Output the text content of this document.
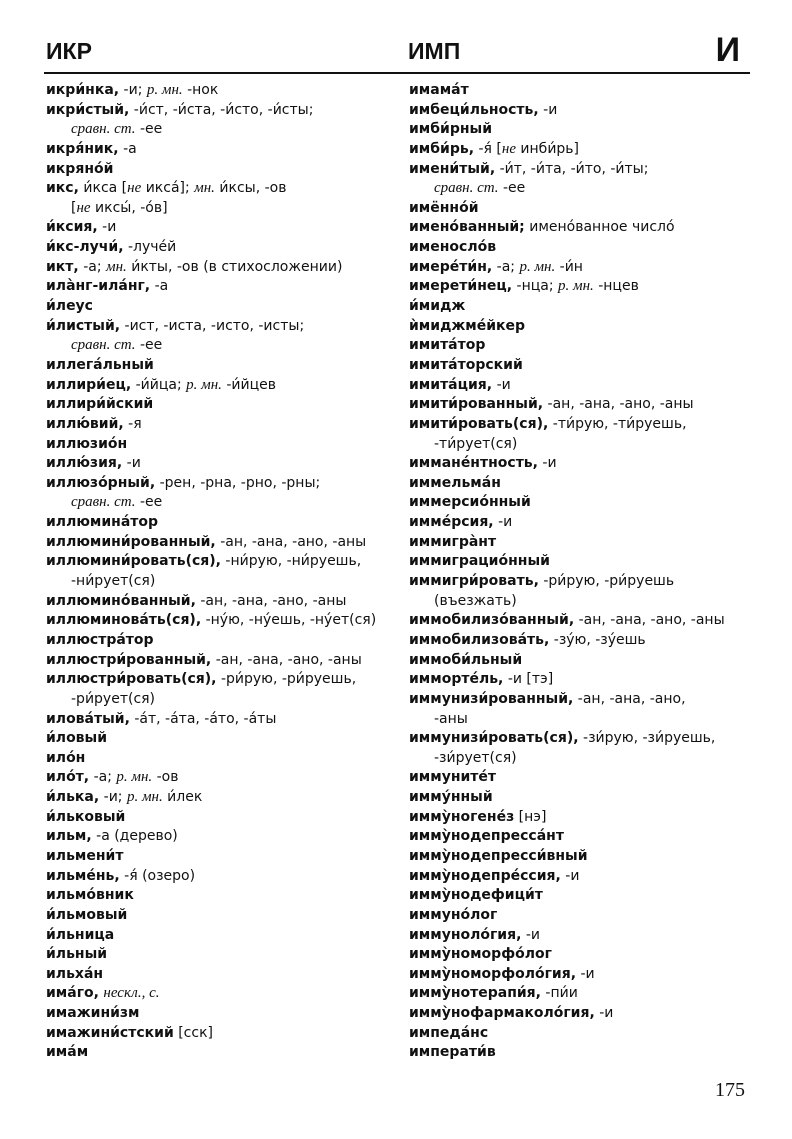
ИКР	ИМП	И
икри́нка, -и; р. мн. -нок
икри́стый, -и́ст, -и́ста, -и́сто, -и́сты;
сравн. ст. -ее
икря́ник, -а
икряно́й
икс, и́кса [не икса́]; мн. и́ксы, -ов
[не иксы́, -о́в]
и́ксия, -и
и́кс-лучи́, -луче́й
икт, -а; мн. и́кты, -ов (в стихосложении)
ила̀нг-ила́нг, -а
и́леус
и́листый, -ист, -иста, -исто, -исты;
сравн. ст. -ее
иллега́льный
иллири́ец, -и́йца; р. мн. -и́йцев
иллири́йский
иллю́вий, -я
иллюзио́н
иллю́зия, -и
иллюзо́рный, -рен, -рна, -рно, -рны;
сравн. ст. -ее
иллюмина́тор
иллюмини́рованный, -ан, -ана, -ано, -аны
иллюмини́ровать(ся), -ни́рую, -ни́руешь,
-ни́рует(ся)
иллюмино́ванный, -ан, -ана, -ано, -аны
иллюминова́ть(ся), -ну́ю, -ну́ешь, -ну́ет(ся)
иллюстра́тор
иллюстри́рованный, -ан, -ана, -ано, -аны
иллюстри́ровать(ся), -ри́рую, -ри́руешь,
-ри́рует(ся)
илова́тый, -а́т, -а́та, -а́то, -а́ты
и́ловый
ило́н
ило́т, -а; р. мн. -ов
и́лька, -и; р. мн. и́лек
и́льковый
ильм, -а (дерево)
ильмени́т
ильме́нь, -я́ (озеро)
ильмо́вник
и́льмовый
и́льница
и́льный
ильха́н
има́го, нескл., с.
имажини́зм
имажини́стский [cск]
има́м
имама́т
имбеци́льность, -и
имби́рный
имби́рь, -я́ [не инби́рь]
имени́тый, -и́т, -и́та, -и́то, -и́ты;
сравн. ст. -ее
имённо́й
имено́ванный; имено́ванное число́
именосло́в
имере́ти́н, -а; р. мн. -и́н
имерети́нец, -нца; р. мн. -нцев
и́мидж
ѝмиджме́йкер
имита́тор
имита́торский
имита́ция, -и
имити́рованный, -ан, -ана, -ано, -аны
имити́ровать(ся), -ти́рую, -ти́руешь,
-ти́рует(ся)
иммане́нтность, -и
иммельма́н
иммерсио́нный
имме́рсия, -и
иммигра̀нт
иммиграцио́нный
иммигри́ровать, -ри́рую, -ри́руешь
(въезжать)
иммобилизо́ванный, -ан, -ана, -ано, -аны
иммобилизова́ть, -зу́ю, -зу́ешь
иммоби́льный
иммортéль, -и [тэ]
иммунизи́рованный, -ан, -ана, -ано,
-аны
иммунизи́ровать(ся), -зи́рую, -зи́руешь,
-зи́рует(ся)
иммуните́т
иммýнный
иммỳногене́з [нэ]
иммỳнодепресса́нт
иммỳнодепресси́вный
иммỳнодепре́ссия, -и
иммỳнодефици́т
иммуно́лог
иммуноло́гия, -и
иммỳноморфо́лог
иммỳноморфоло́гия, -и
иммỳнотерапи́я, -пи́и
иммỳнофармаколо́гия, -и
импеда́нс
императи́в
175
